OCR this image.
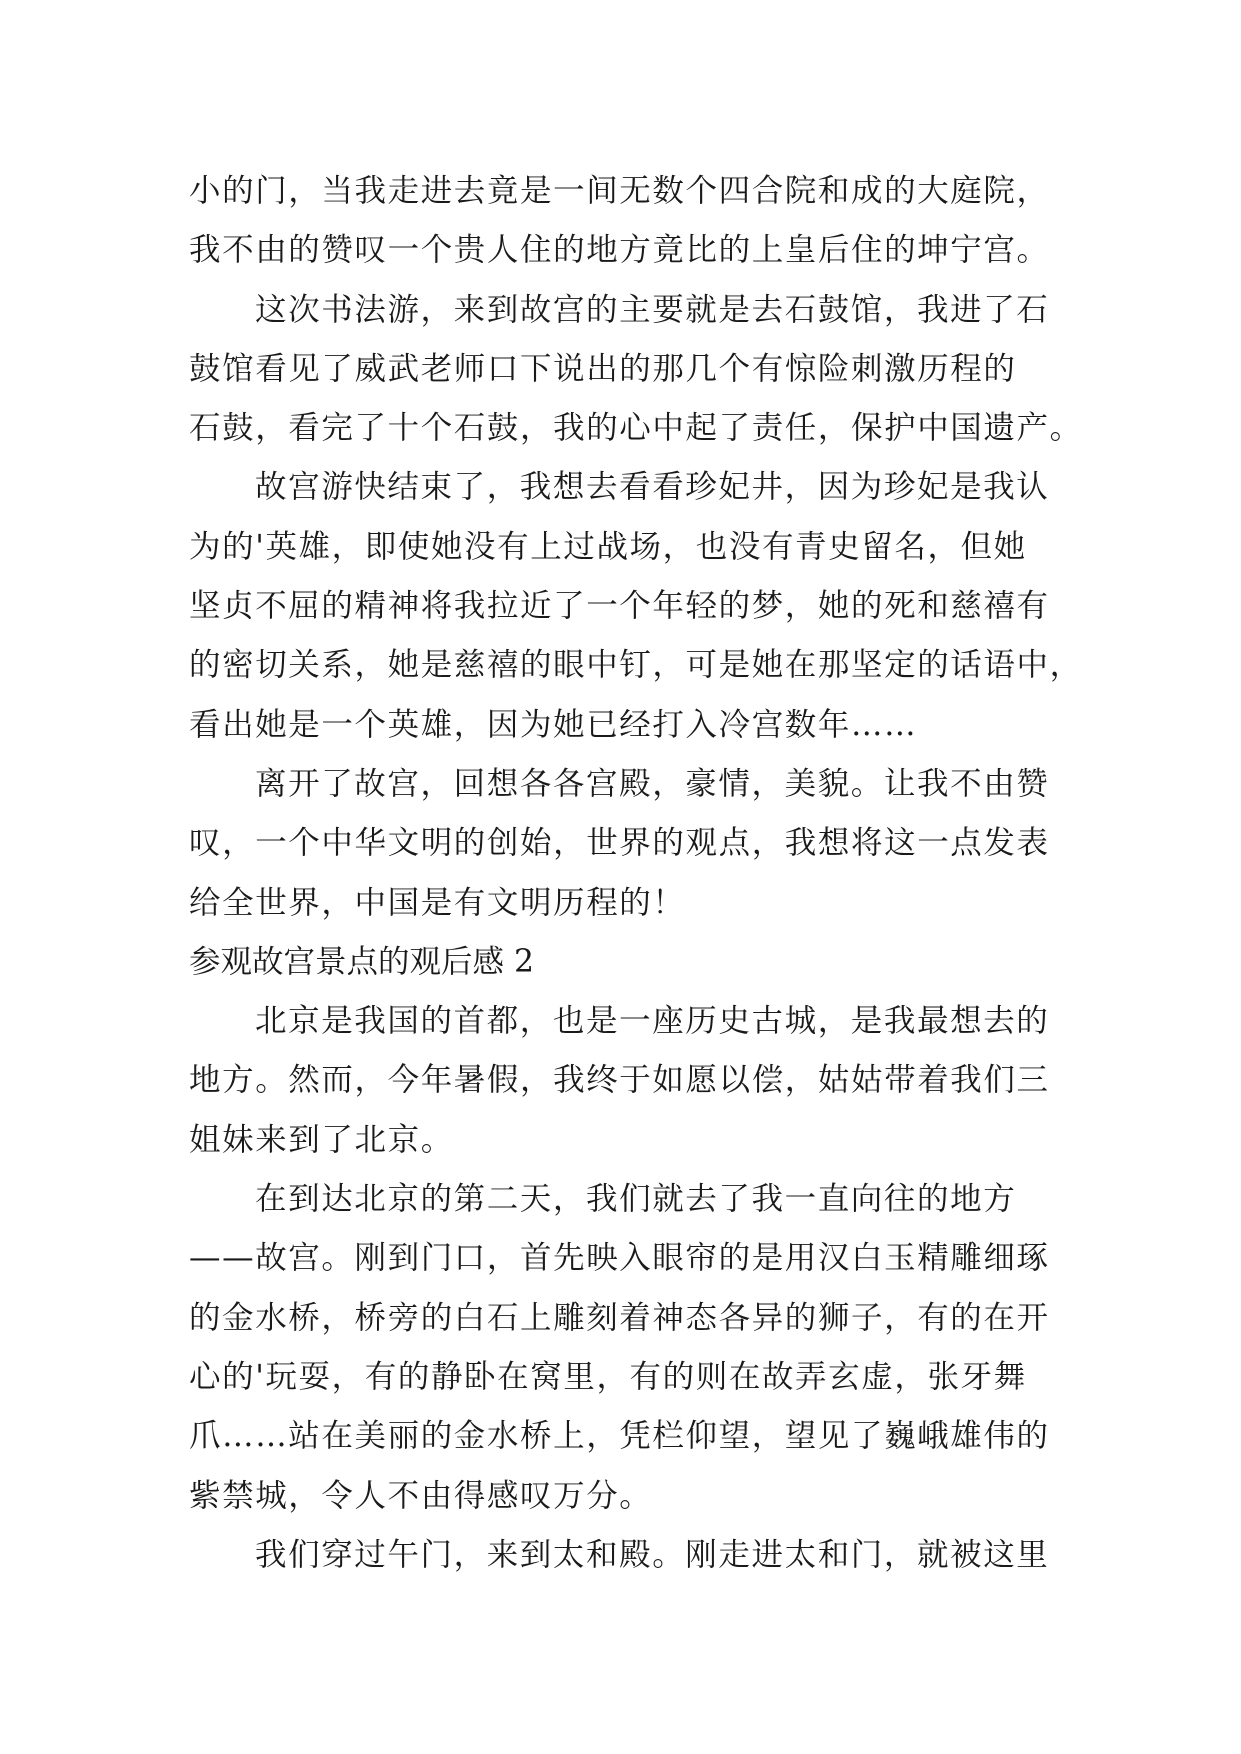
小的门，当我走进去竟是一间无数个四合院和成的大庭院，
我不由的赞叹一个贵人住的地方竟比的上皇后住的坤宁宫。
这次书法游，来到故宫的主要就是去石鼓馆，我进了石
鼓馆看见了威武老师口下说出的那几个有惊险刺激历程的
石鼓，看完了十个石鼓，我的心中起了责任，保护中国遗产。
故宫游快结束了，我想去看看珍妃井，因为珍妃是我认
为的'英雄，即使她没有上过战场，也没有青史留名，但她
坚贞不屈的精神将我拉近了一个年轻的梦，她的死和慈禧有
的密切关系，她是慈禧的眼中钉，可是她在那坚定的话语中，
看出她是一个英雄，因为她已经打入冷宫数年……
离开了故宫，回想各各宫殿，豪情，美貌。让我不由赞
叹，一个中华文明的创始，世界的观点，我想将这一点发表
给全世界，中国是有文明历程的！
参观故宫景点的观后感 2
北京是我国的首都，也是一座历史古城，是我最想去的
地方。然而，今年暑假，我终于如愿以偿，姑姑带着我们三
姐妹来到了北京。
在到达北京的第二天，我们就去了我一直向往的地方
——故宫。刚到门口，首先映入眼帘的是用汉白玉精雕细琢
的金水桥，桥旁的白石上雕刻着神态各异的狮子，有的在开
心的'玩耍，有的静卧在窝里，有的则在故弄玄虚，张牙舞
爪……站在美丽的金水桥上，凭栏仰望，望见了巍峨雄伟的
紫禁城，令人不由得感叹万分。
我们穿过午门，来到太和殿。刚走进太和门，就被这里
